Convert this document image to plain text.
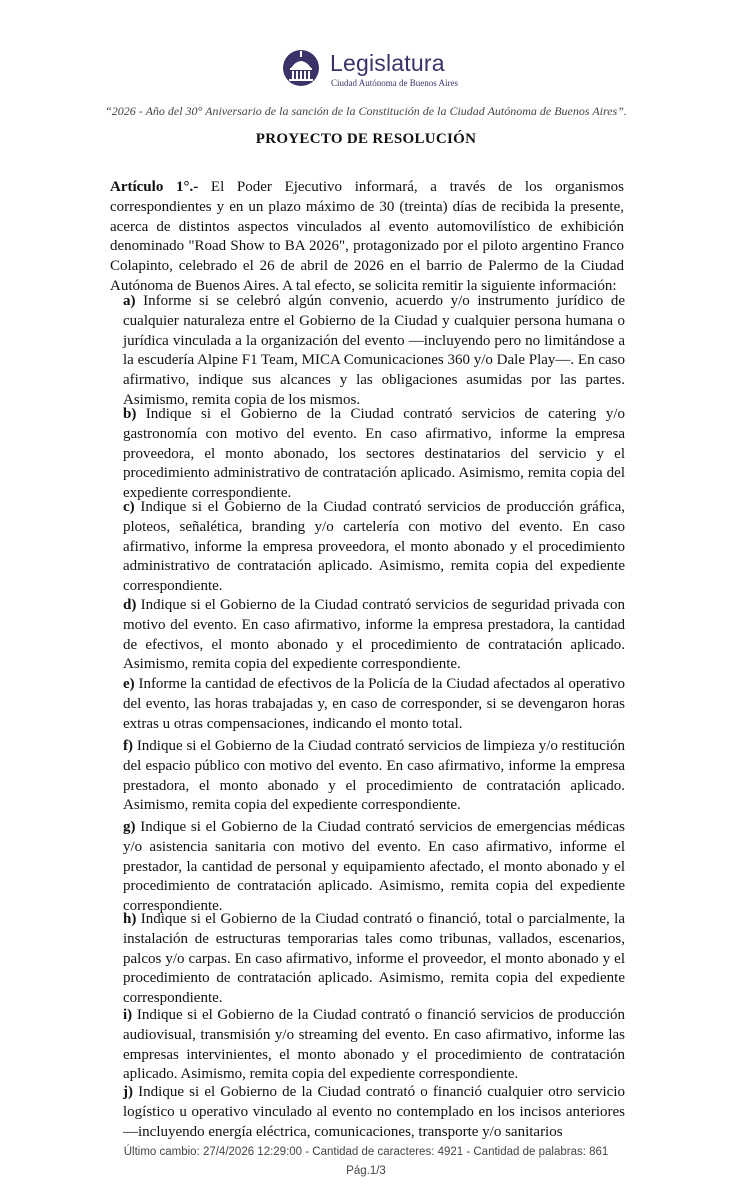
Legislatura
Ciudad Autónoma de Buenos Aires
“2026 - Año del 30° Aniversario de la sanción de la Constitución de la Ciudad Autónoma de Buenos Aires”.
PROYECTO DE RESOLUCIÓN
Artículo 1°.- El Poder Ejecutivo informará, a través de los organismos correspondientes y en un plazo máximo de 30 (treinta) días de recibida la presente, acerca de distintos aspectos vinculados al evento automovilístico de exhibición denominado "Road Show to BA 2026", protagonizado por el piloto argentino Franco Colapinto, celebrado el 26 de abril de 2026 en el barrio de Palermo de la Ciudad Autónoma de Buenos Aires. A tal efecto, se solicita remitir la siguiente información:
a) Informe si se celebró algún convenio, acuerdo y/o instrumento jurídico de cualquier naturaleza entre el Gobierno de la Ciudad y cualquier persona humana o jurídica vinculada a la organización del evento —incluyendo pero no limitándose a la escudería Alpine F1 Team, MICA Comunicaciones 360 y/o Dale Play—. En caso afirmativo, indique sus alcances y las obligaciones asumidas por las partes. Asimismo, remita copia de los mismos.
b) Indique si el Gobierno de la Ciudad contrató servicios de catering y/o gastronomía con motivo del evento. En caso afirmativo, informe la empresa proveedora, el monto abonado, los sectores destinatarios del servicio y el procedimiento administrativo de contratación aplicado. Asimismo, remita copia del expediente correspondiente.
c) Indique si el Gobierno de la Ciudad contrató servicios de producción gráfica, ploteos, señalética, branding y/o cartelería con motivo del evento. En caso afirmativo, informe la empresa proveedora, el monto abonado y el procedimiento administrativo de contratación aplicado. Asimismo, remita copia del expediente correspondiente.
d) Indique si el Gobierno de la Ciudad contrató servicios de seguridad privada con motivo del evento. En caso afirmativo, informe la empresa prestadora, la cantidad de efectivos, el monto abonado y el procedimiento de contratación aplicado. Asimismo, remita copia del expediente correspondiente.
e) Informe la cantidad de efectivos de la Policía de la Ciudad afectados al operativo del evento, las horas trabajadas y, en caso de corresponder, si se devengaron horas extras u otras compensaciones, indicando el monto total.
f) Indique si el Gobierno de la Ciudad contrató servicios de limpieza y/o restitución del espacio público con motivo del evento. En caso afirmativo, informe la empresa prestadora, el monto abonado y el procedimiento de contratación aplicado. Asimismo, remita copia del expediente correspondiente.
g) Indique si el Gobierno de la Ciudad contrató servicios de emergencias médicas y/o asistencia sanitaria con motivo del evento. En caso afirmativo, informe el prestador, la cantidad de personal y equipamiento afectado, el monto abonado y el procedimiento de contratación aplicado. Asimismo, remita copia del expediente correspondiente.
h) Indique si el Gobierno de la Ciudad contrató o financió, total o parcialmente, la instalación de estructuras temporarias tales como tribunas, vallados, escenarios, palcos y/o carpas. En caso afirmativo, informe el proveedor, el monto abonado y el procedimiento de contratación aplicado. Asimismo, remita copia del expediente correspondiente.
i) Indique si el Gobierno de la Ciudad contrató o financió servicios de producción audiovisual, transmisión y/o streaming del evento. En caso afirmativo, informe las empresas intervinientes, el monto abonado y el procedimiento de contratación aplicado. Asimismo, remita copia del expediente correspondiente.
j) Indique si el Gobierno de la Ciudad contrató o financió cualquier otro servicio logístico u operativo vinculado al evento no contemplado en los incisos anteriores —incluyendo energía eléctrica, comunicaciones, transporte y/o sanitarios
Último cambio: 27/4/2026 12:29:00 - Cantidad de caracteres: 4921 - Cantidad de palabras: 861
Pág.1/3
